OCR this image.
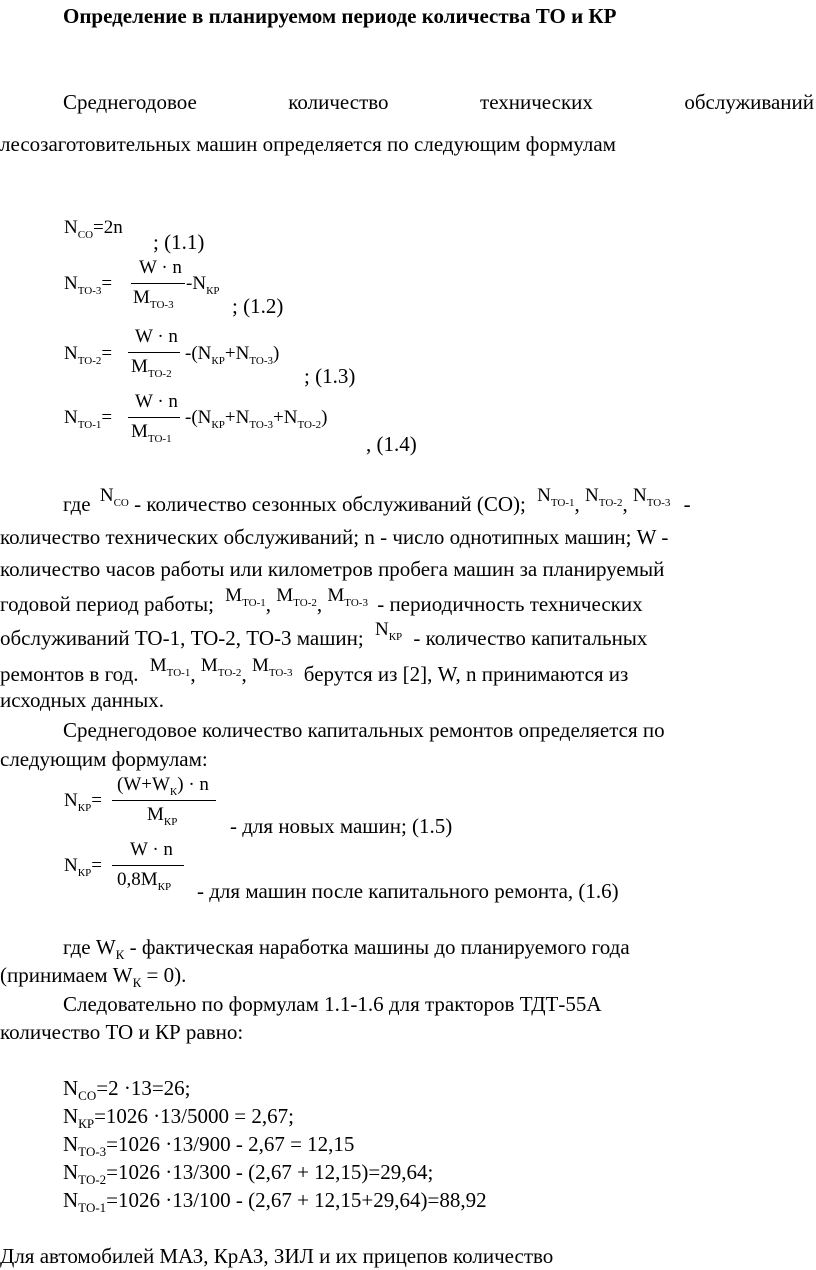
Определение в планируемом периоде количества ТО и КР
Среднегодовое	количество	технических	обслуживаний
лесозаготовительных машин определяется по следующим формулам
$N_{CO}=2n$
; (1.1)
$N_{ТО-3}=$
W · n
$M_{ТО-3}$
$-N_{КР}$
; (1.2)
$N_{ТО-2}=$
W · n
$M_{ТО-2}$
$-(N_{КР}+N_{ТО-3})$
; (1.3)
$N_{ТО-1}=$
W · n
$M_{ТО-1}$
$-(N_{КР}+N_{ТО-3}+N_{ТО-2})$
, (1.4)
где $N_{CO}$ - количество сезонных обслуживаний (СО); $N_{ТО-1}$, $N_{ТО-2}$, $N_{ТО-3}$ -
количество технических обслуживаний; n - число однотипных машин; W -
количество часов работы или километров пробега машин за планируемый
годовой период работы; $M_{ТО-1}$, $M_{ТО-2}$, $M_{ТО-3}$ - периодичность технических
обслуживаний ТО-1, ТО-2, ТО-3 машин; $N_{КР}$ - количество капитальных
ремонтов в год. $M_{ТО-1}$, $M_{ТО-2}$, $M_{ТО-3}$ берутся из [2], W, n принимаются из
исходных данных.
Среднегодовое количество капитальных ремонтов определяется по
следующим формулам:
$N_{КР}=$
$(W+W_К) \cdot n$
$M_{КР}$	- для новых машин; (1.5)
$N_{КР}=$
W · n
$0,8M_{КР}$ - для машин после капитального ремонта, (1.6)
где $W_К$ - фактическая наработка машины до планируемого года
(принимаем $W_К = 0$).
Следовательно по формулам 1.1-1.6 для тракторов ТДТ-55А
количество ТО и КР равно:
$N_{CO}=2 \cdot 13=26$;
$N_{КР}=1026 \cdot 13/5000 = 2,67$;
$N_{ТО-3}=1026 \cdot 13/900 - 2,67 = 12,15$
$N_{ТО-2}=1026 \cdot 13/300 - (2,67 + 12,15)=29,64$;
$N_{ТО-1}=1026 \cdot 13/100 - (2,67 + 12,15+29,64)=88,92$
Для автомобилей МАЗ, КрАЗ, ЗИЛ и их прицепов количество
